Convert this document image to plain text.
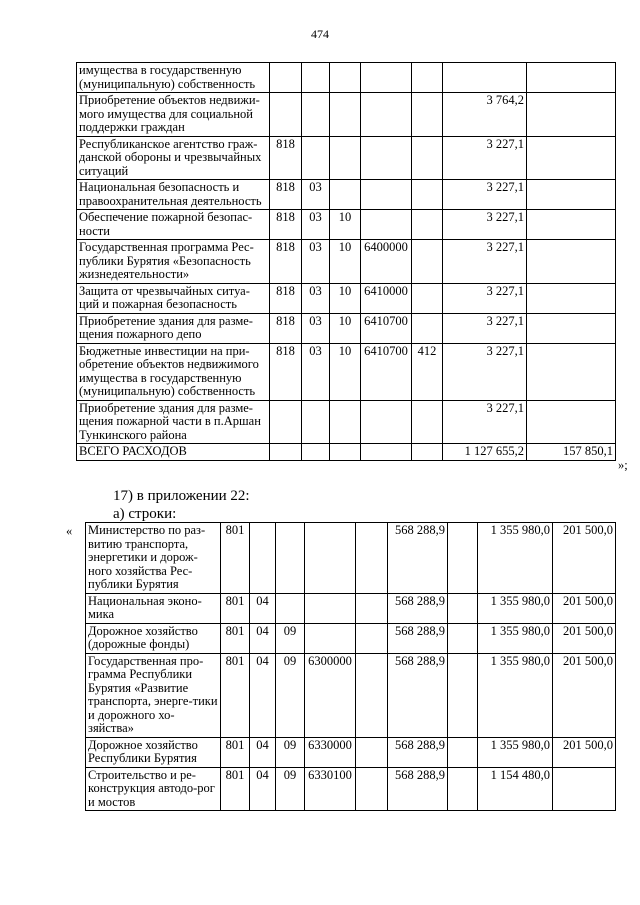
474
имущества в государственную (муниципальную) собственность							
Приобретение объектов недвижи-мого имущества для социальной поддержки граждан						3 764,2	
Республиканское агентство граж-данской обороны и чрезвычайных ситуаций	818					3 227,1	
Национальная безопасность и правоохранительная деятельность	818	03				3 227,1	
Обеспечение пожарной безопас-ности	818	03	10			3 227,1	
Государственная программа Рес-публики Бурятия «Безопасность жизнедеятельности»	818	03	10	6400000		3 227,1	
Защита от чрезвычайных ситуа-ций и пожарная безопасность	818	03	10	6410000		3 227,1	
Приобретение здания для разме-щения пожарного депо	818	03	10	6410700		3 227,1	
Бюджетные инвестиции на при-обретение объектов недвижимого имущества в государственную (муниципальную) собственность	818	03	10	6410700	412	3 227,1	
Приобретение здания для разме-щения пожарной части в п.Аршан Тункинского района						3 227,1	
ВСЕГО РАСХОДОВ						1 127 655,2	157 850,1
»;
17) в приложении 22:
а) строки:
« Министерство по раз-витию транспорта, энергетики и дорож-ного хозяйства Рес-публики Бурятия	801					568 288,9		1 355 980,0	201 500,0
Национальная эконо-мика	801	04				568 288,9		1 355 980,0	201 500,0
Дорожное хозяйство (дорожные фонды)	801	04	09			568 288,9		1 355 980,0	201 500,0
Государственная про-грамма Республики Бурятия «Развитие транспорта, энерге-тики и дорожного хо-зяйства»	801	04	09	6300000		568 288,9		1 355 980,0	201 500,0
Дорожное хозяйство Республики Бурятия	801	04	09	6330000		568 288,9		1 355 980,0	201 500,0
Строительство и ре-конструкция автодо-рог и мостов	801	04	09	6330100		568 288,9		1 154 480,0	
